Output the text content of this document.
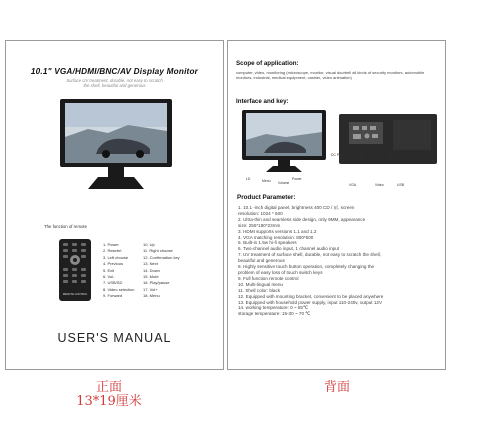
10.1" VGA/HDMI/BNC/AV Display Monitor
Surface UV treatment, durable, not easy to scratch
the shell, beautiful and generous
The function of remote
REMOTE CONTROL
1. Power
2. Resetrrl
3. Left choose
4. Previous
5. Exit
6. Vol-
7. USB/SD
8. Video selection
9. Forward
10. Up
11. Right choose
12. Confirmation key
13. Next
14. Down
15. Mute
16. Play/pause
17. Vol+
18. Menu
USER'S MANUAL
Scope of application:
computer, video, monitoring (microscope, monitor, visual doorbell all kinds of security monitors, automobile monitors, industrial, medical equipment, cashier, video animation)
Interface and key:
LD	Menu Volume
Power
DC Power	HDMI SD	BNC
VGA	Video	USB
Product Parameter:
1. 10.1 -inch digital panel, brightness 400 CD / ㎡, screen
resolution: 1024 * 600
2. Ultra-thin and seamless side design, only 9MM, appearance
size: 255*180*23mm
3. HDMI supports versions 1.1 and 1.2
4. VGA matching resolution: 800*600
5. Built-in 1.5w hi-fi speakers
6. Two-channel audio input, 1 channel audio input
7. UV treatment of surface shell, durable, not easy to scratch the shell,
beautiful and generous
8. Highly sensitive touch button operation, completely changing the
problem of easy loss of touch switch keys
9. Full function remote control
10. Multi-lingual menu
11. Shell color: black
12. Equipped with mounting bracket, convenient to be placed anywhere
13. Equipped with household power supply, input 110-240v, output 12V
14. working temperature: 0 ~ 55℃
storage temperature: 15-30 ~ 70 ℃
正面
13*19厘米
背面
